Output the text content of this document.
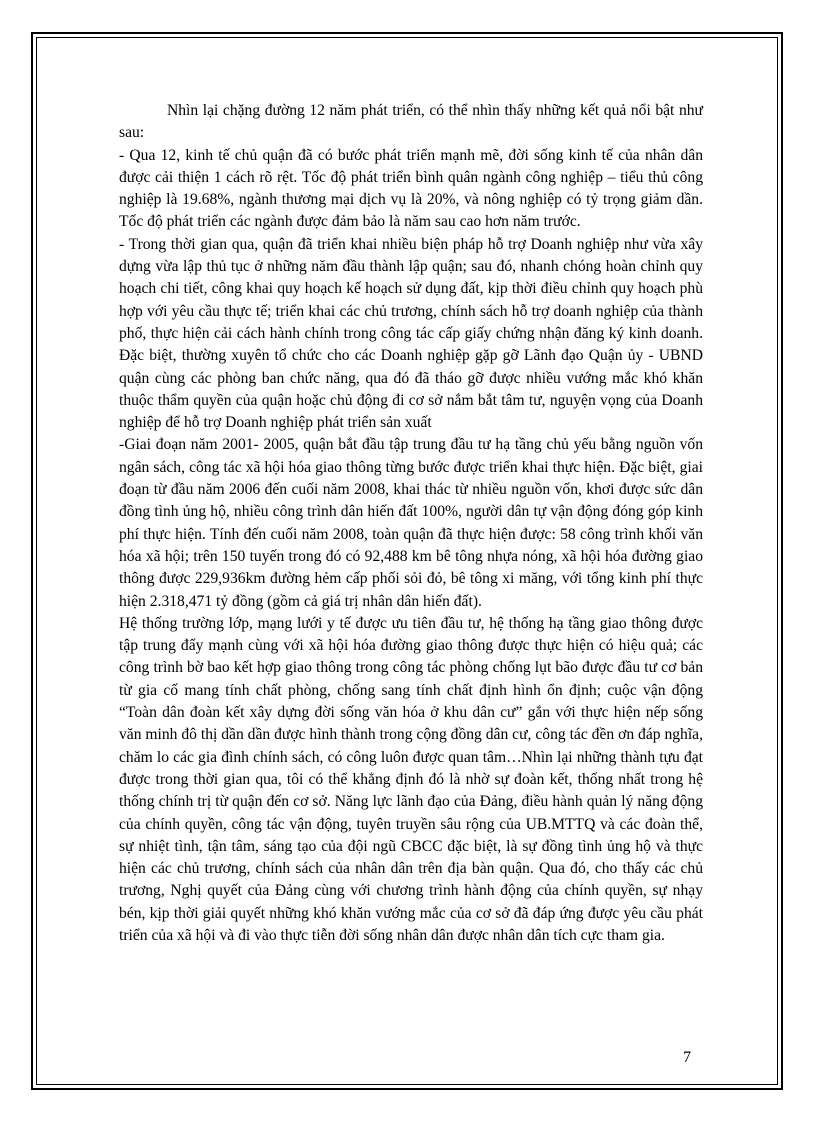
Nhìn lại chặng đường 12 năm phát triển, có thể nhìn thấy những kết quả nổi bật như sau:

- Qua 12, kinh tế chủ quận đã có bước phát triển mạnh mẽ, đời sống kinh tế của nhân dân được cải thiện 1 cách rõ rệt. Tốc độ phát triển bình quân ngành công nghiệp – tiểu thủ công nghiệp là 19.68%, ngành thương mại dịch vụ là 20%, và nông nghiệp có tỷ trọng giảm dần. Tốc độ phát triển các ngành được đảm bảo là năm sau cao hơn năm trước.

- Trong thời gian qua, quận đã triển khai nhiều biện pháp hỗ trợ Doanh nghiệp như vừa xây dựng vừa lập thủ tục ở những năm đầu thành lập quận; sau đó, nhanh chóng hoàn chỉnh quy hoạch chi tiết, công khai quy hoạch kế hoạch sử dụng đất, kịp thời điều chỉnh quy hoạch phù hợp với yêu cầu thực tế; triển khai các chủ trương, chính sách hỗ trợ doanh nghiệp của thành phố, thực hiện cải cách hành chính trong công tác cấp giấy chứng nhận đăng ký kinh doanh. Đặc biệt, thường xuyên tổ chức cho các Doanh nghiệp gặp gỡ Lãnh đạo Quận ủy - UBND quận cùng các phòng ban chức năng, qua đó đã tháo gỡ được nhiều vướng mắc khó khăn thuộc thẩm quyền của quận hoặc chủ động đi cơ sở nắm bắt tâm tư, nguyện vọng của Doanh nghiệp để hỗ trợ Doanh nghiệp phát triển sản xuất

-Giai đoạn năm 2001- 2005, quận bắt đầu tập trung đầu tư hạ tầng chủ yếu bằng nguồn vốn ngân sách, công tác xã hội hóa giao thông từng bước được triển khai thực hiện. Đặc biệt, giai đoạn từ đầu năm 2006 đến cuối năm 2008, khai thác từ nhiều nguồn vốn, khơi được sức dân đồng tình ủng hộ, nhiều công trình dân hiến đất 100%, người dân tự vận động đóng góp kinh phí thực hiện. Tính đến cuối năm 2008, toàn quận đã thực hiện được: 58 công trình khối văn hóa xã hội; trên 150 tuyến trong đó có 92,488 km bê tông nhựa nóng, xã hội hóa đường giao thông được 229,936km đường hẻm cấp phối sỏi đỏ, bê tông xi măng, với tổng kinh phí thực hiện 2.318,471 tỷ đồng (gồm cả giá trị nhân dân hiến đất).

Hệ thống trường lớp, mạng lưới y tế được ưu tiên đầu tư, hệ thống hạ tầng giao thông được tập trung đẩy mạnh cùng với xã hội hóa đường giao thông được thực hiện có hiệu quả; các công trình bờ bao kết hợp giao thông trong công tác phòng chống lụt bão được đầu tư cơ bản từ gia cố mang tính chất phòng, chống sang tính chất định hình ổn định; cuộc vận động “Toàn dân đoàn kết xây dựng đời sống văn hóa ở khu dân cư” gắn với thực hiện nếp sống văn minh đô thị dần dần được hình thành trong cộng đồng dân cư, công tác đền ơn đáp nghĩa, chăm lo các gia đình chính sách, có công luôn được quan tâm…Nhìn lại những thành tựu đạt được trong thời gian qua, tôi có thể khẳng định đó là nhờ sự đoàn kết, thống nhất trong hệ thống chính trị từ quận đến cơ sở. Năng lực lãnh đạo của Đảng, điều hành quản lý năng động của chính quyền, công tác vận động, tuyên truyền sâu rộng của UB.MTTQ và các đoàn thể, sự nhiệt tình, tận tâm, sáng tạo của đội ngũ CBCC đặc biệt, là sự đồng tình ủng hộ và thực hiện các chủ trương, chính sách của nhân dân trên địa bàn quận. Qua đó, cho thấy các chủ trương, Nghị quyết của Đảng cùng với chương trình hành động của chính quyền, sự nhạy bén, kịp thời giải quyết những khó khăn vướng mắc của cơ sở đã đáp ứng được yêu cầu phát triển của xã hội và đi vào thực tiễn đời sống nhân dân được nhân dân tích cực tham gia.

7
